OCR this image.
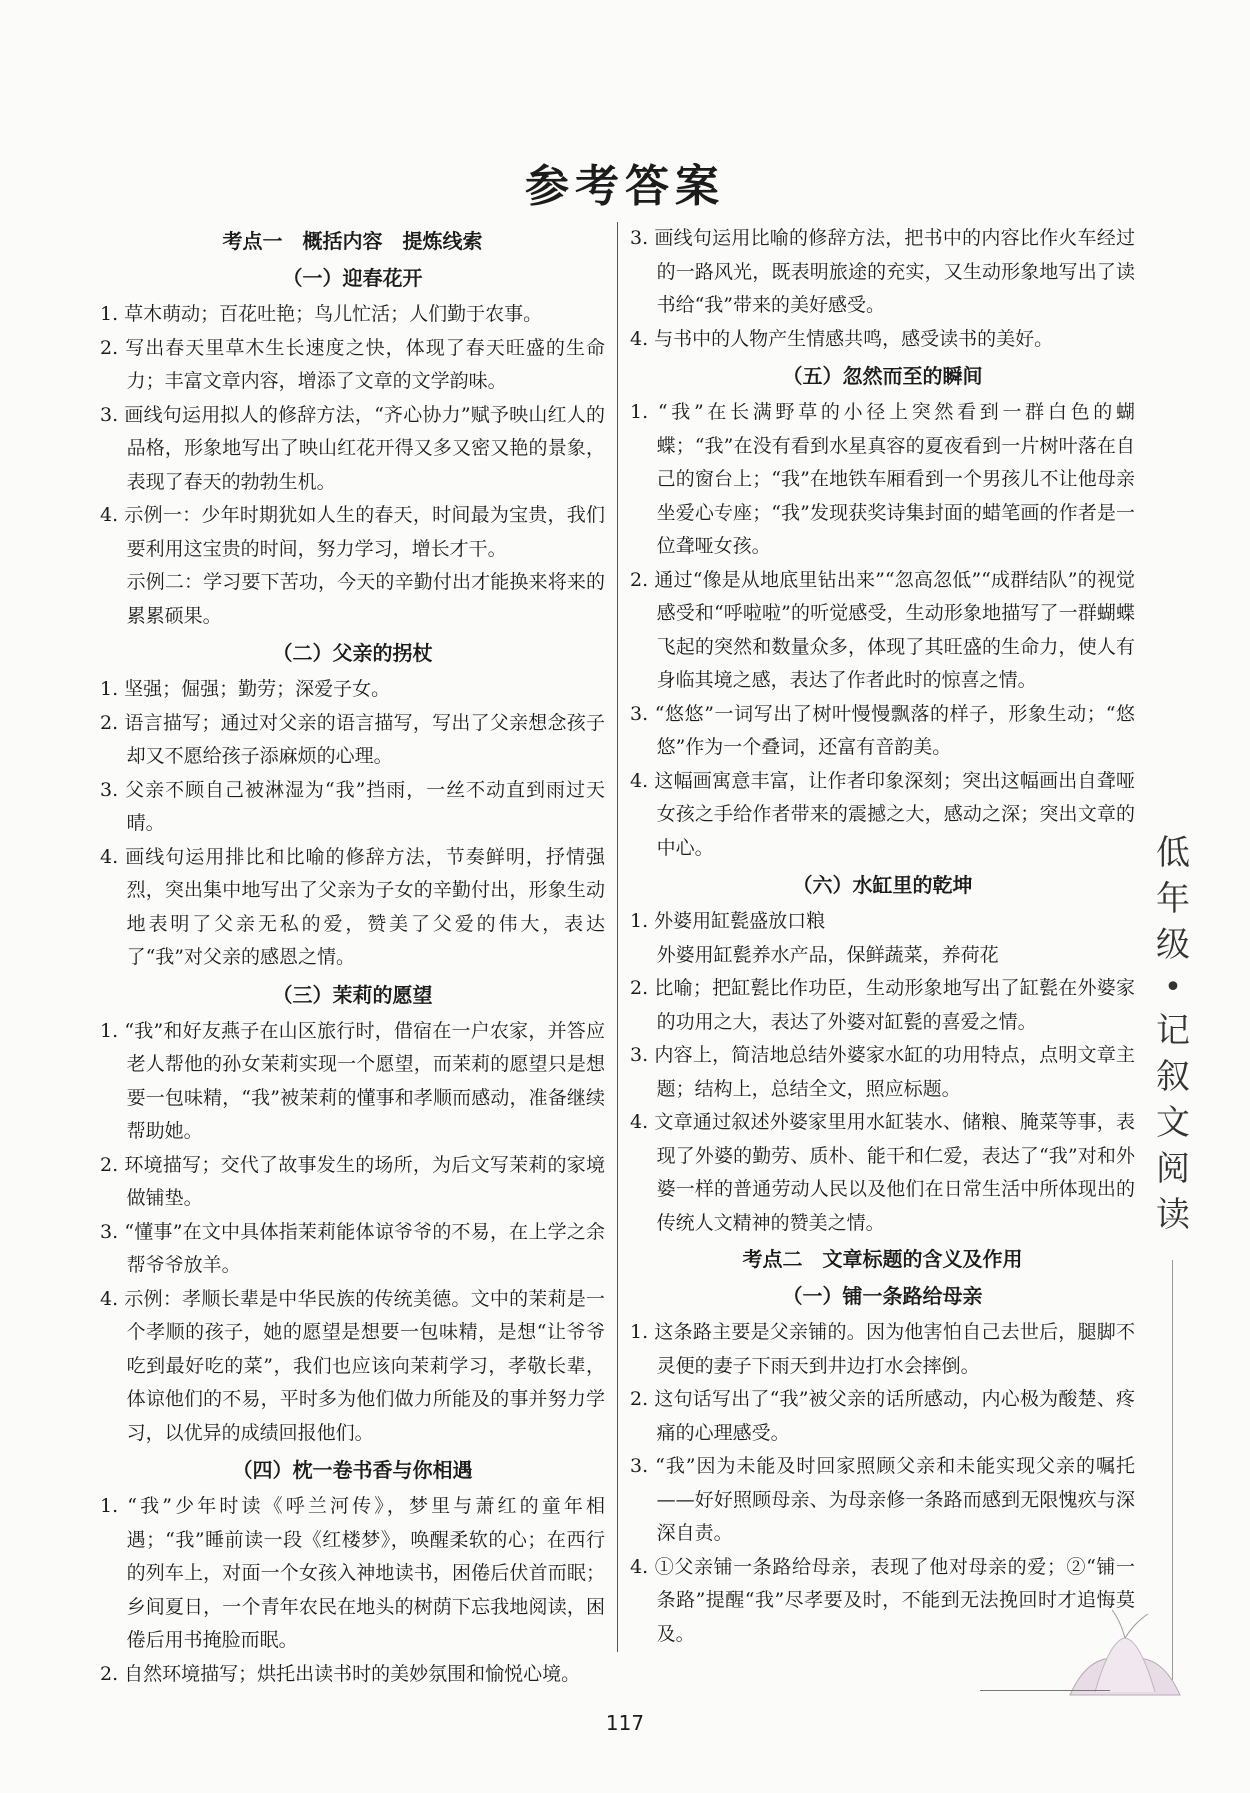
参考答案
考点一　概括内容　提炼线索
（一）迎春花开
1. 草木萌动；百花吐艳；鸟儿忙活；人们勤于农事。
2. 写出春天里草木生长速度之快，体现了春天旺盛的生命力；丰富文章内容，增添了文章的文学韵味。
3. 画线句运用拟人的修辞方法，“齐心协力”赋予映山红人的品格，形象地写出了映山红花开得又多又密又艳的景象，表现了春天的勃勃生机。
4. 示例一：少年时期犹如人生的春天，时间最为宝贵，我们要利用这宝贵的时间，努力学习，增长才干。
示例二：学习要下苦功，今天的辛勤付出才能换来将来的累累硕果。
（二）父亲的拐杖
1. 坚强；倔强；勤劳；深爱子女。
2. 语言描写；通过对父亲的语言描写，写出了父亲想念孩子却又不愿给孩子添麻烦的心理。
3. 父亲不顾自己被淋湿为“我”挡雨，一丝不动直到雨过天晴。
4. 画线句运用排比和比喻的修辞方法，节奏鲜明，抒情强烈，突出集中地写出了父亲为子女的辛勤付出，形象生动地表明了父亲无私的爱，赞美了父爱的伟大，表达了“我”对父亲的感恩之情。
（三）茉莉的愿望
1. “我”和好友燕子在山区旅行时，借宿在一户农家，并答应老人帮他的孙女茉莉实现一个愿望，而茉莉的愿望只是想要一包味精，“我”被茉莉的懂事和孝顺而感动，准备继续帮助她。
2. 环境描写；交代了故事发生的场所，为后文写茉莉的家境做铺垫。
3. “懂事”在文中具体指茉莉能体谅爷爷的不易，在上学之余帮爷爷放羊。
4. 示例：孝顺长辈是中华民族的传统美德。文中的茉莉是一个孝顺的孩子，她的愿望是想要一包味精，是想“让爷爷吃到最好吃的菜”，我们也应该向茉莉学习，孝敬长辈，体谅他们的不易，平时多为他们做力所能及的事并努力学习，以优异的成绩回报他们。
（四）枕一卷书香与你相遇
1. “我”少年时读《呼兰河传》，梦里与萧红的童年相遇；“我”睡前读一段《红楼梦》，唤醒柔软的心；在西行的列车上，对面一个女孩入神地读书，困倦后伏首而眠；乡间夏日，一个青年农民在地头的树荫下忘我地阅读，困倦后用书掩脸而眠。
2. 自然环境描写；烘托出读书时的美妙氛围和愉悦心境。
3. 画线句运用比喻的修辞方法，把书中的内容比作火车经过的一路风光，既表明旅途的充实，又生动形象地写出了读书给“我”带来的美好感受。
4. 与书中的人物产生情感共鸣，感受读书的美好。
（五）忽然而至的瞬间
1. “我”在长满野草的小径上突然看到一群白色的蝴蝶；“我”在没有看到水星真容的夏夜看到一片树叶落在自己的窗台上；“我”在地铁车厢看到一个男孩儿不让他母亲坐爱心专座；“我”发现获奖诗集封面的蜡笔画的作者是一位聋哑女孩。
2. 通过“像是从地底里钻出来”“忽高忽低”“成群结队”的视觉感受和“呼啦啦”的听觉感受，生动形象地描写了一群蝴蝶飞起的突然和数量众多，体现了其旺盛的生命力，使人有身临其境之感，表达了作者此时的惊喜之情。
3. “悠悠”一词写出了树叶慢慢飘落的样子，形象生动；“悠悠”作为一个叠词，还富有音韵美。
4. 这幅画寓意丰富，让作者印象深刻；突出这幅画出自聋哑女孩之手给作者带来的震撼之大，感动之深；突出文章的中心。
（六）水缸里的乾坤
1. 外婆用缸甏盛放口粮
外婆用缸甏养水产品，保鲜蔬菜，养荷花
2. 比喻；把缸甏比作功臣，生动形象地写出了缸甏在外婆家的功用之大，表达了外婆对缸甏的喜爱之情。
3. 内容上，简洁地总结外婆家水缸的功用特点，点明文章主题；结构上，总结全文，照应标题。
4. 文章通过叙述外婆家里用水缸装水、储粮、腌菜等事，表现了外婆的勤劳、质朴、能干和仁爱，表达了“我”对和外婆一样的普通劳动人民以及他们在日常生活中所体现出的传统人文精神的赞美之情。
考点二　文章标题的含义及作用
（一）铺一条路给母亲
1. 这条路主要是父亲铺的。因为他害怕自己去世后，腿脚不灵便的妻子下雨天到井边打水会摔倒。
2. 这句话写出了“我”被父亲的话所感动，内心极为酸楚、疼痛的心理感受。
3. “我”因为未能及时回家照顾父亲和未能实现父亲的嘱托——好好照顾母亲、为母亲修一条路而感到无限愧疚与深深自责。
4. ①父亲铺一条路给母亲，表现了他对母亲的爱；②“铺一条路”提醒“我”尽孝要及时，不能到无法挽回时才追悔莫及。
低
年
级
•
记
叙
文
阅
读
117
